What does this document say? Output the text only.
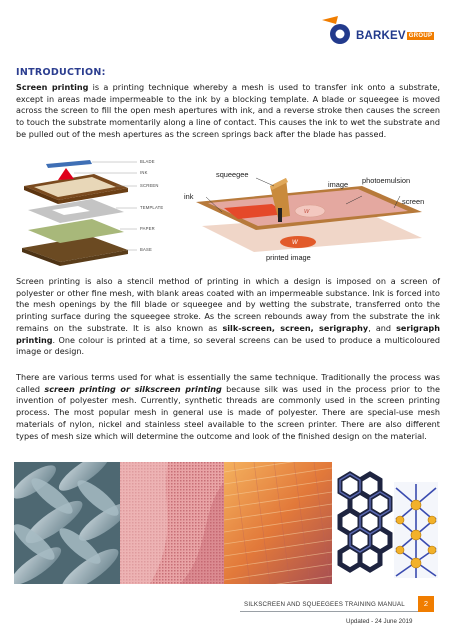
BARKEV GROUP
INTRODUCTION:

Screen printing is a printing technique whereby a mesh is used to transfer ink onto a substrate, except in areas made impermeable to the ink by a blocking template. A blade or squeegee is moved across the screen to fill the open mesh apertures with ink, and a reverse stroke then causes the screen to touch the substrate momentarily along a line of contact. This causes the ink to wet the substrate and be pulled out of the mesh apertures as the screen springs back after the blade has passed.

BLADE
INK
SCREEN
TEMPLATE
PAPER
BASE
W
W
squeegee
image photoemulsion
ink
screen
printed image

Screen printing is also a stencil method of printing in which a design is imposed on a screen of polyester or other fine mesh, with blank areas coated with an impermeable substance. Ink is forced into the mesh openings by the fill blade or squeegee and by wetting the substrate, transferred onto the printing surface during the squeegee stroke. As the screen rebounds away from the substrate the ink remains on the substrate. It is also known as silk-screen, screen, serigraphy, and serigraph printing. One colour is printed at a time, so several screens can be used to produce a multicoloured image or design.

There are various terms used for what is essentially the same technique. Traditionally the process was called screen printing or silkscreen printing because silk was used in the process prior to the invention of polyester mesh. Currently, synthetic threads are commonly used in the screen printing process. The most popular mesh in general use is made of polyester. There are special-use mesh materials of nylon, nickel and stainless steel available to the screen printer. There are also different types of mesh size which will determine the outcome and look of the finished design on the material.

SILKSCREEN AND SQUEEGEES TRAINING MANUAL	2
Updated - 24 June 2019
